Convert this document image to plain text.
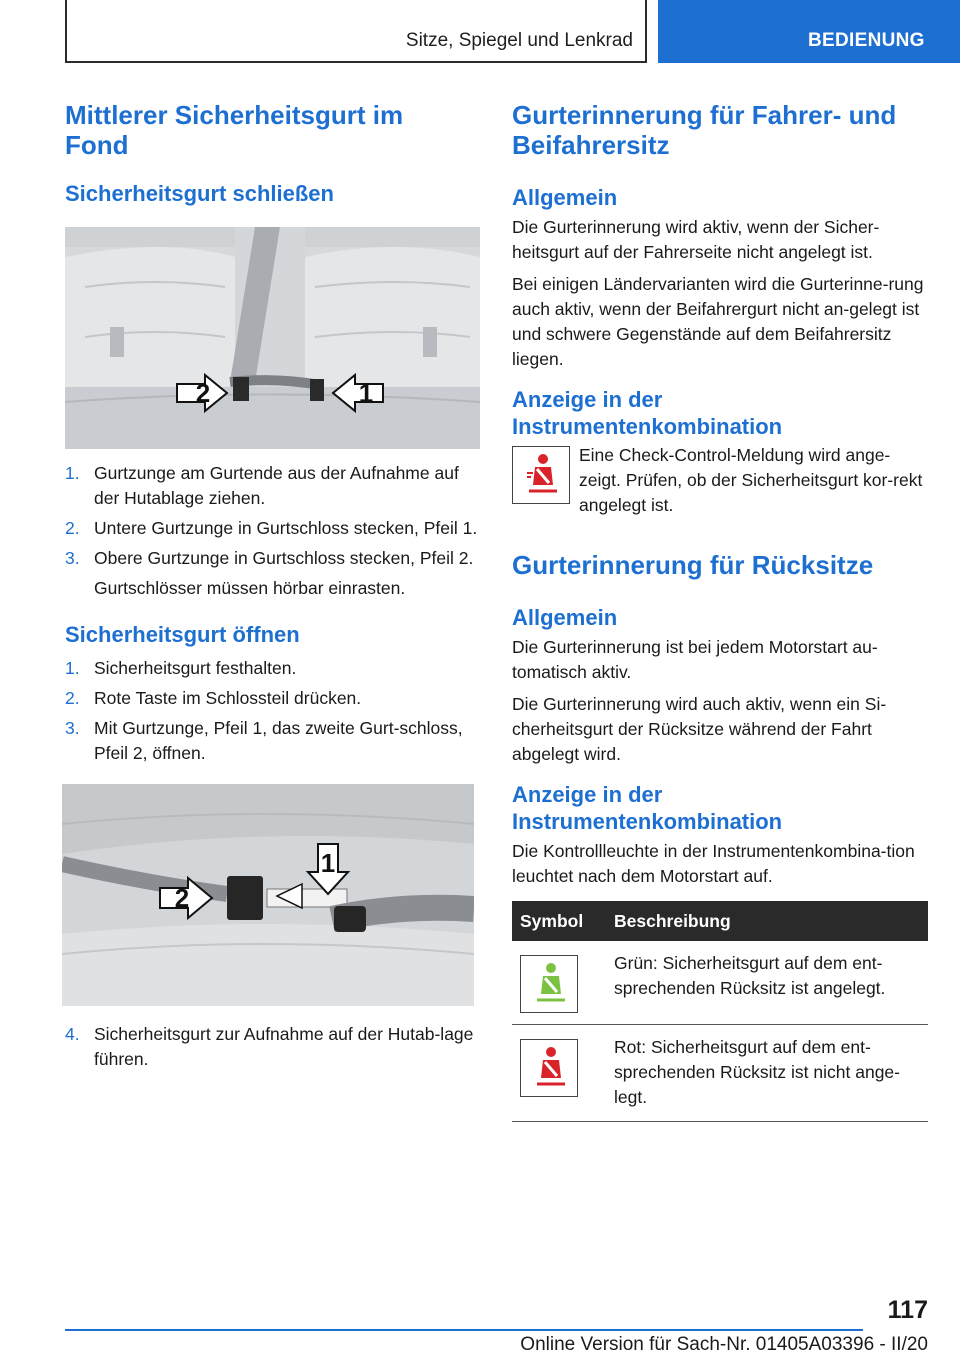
Sitze, Spiegel und Lenkrad	BEDIENUNG
Mittlerer Sicherheitsgurt im Fond
Sicherheitsgurt schließen
2	1
1. Gurtzunge am Gurtende aus der Aufnahme auf der Hutablage ziehen.
2. Untere Gurtzunge in Gurtschloss stecken, Pfeil 1.
3. Obere Gurtzunge in Gurtschloss stecken, Pfeil 2.
Gurtschlösser müssen hörbar einrasten.
Sicherheitsgurt öffnen
1. Sicherheitsgurt festhalten.
2. Rote Taste im Schlossteil drücken.
3. Mit Gurtzunge, Pfeil 1, das zweite Gurt-schloss, Pfeil 2, öffnen.
1
2
4. Sicherheitsgurt zur Aufnahme auf der Hutab-lage führen.
Gurterinnerung für Fahrer- und Beifahrersitz
Allgemein

Die Gurterinnerung wird aktiv, wenn der Sicher-heitsgurt auf der Fahrerseite nicht angelegt ist.

Bei einigen Ländervarianten wird die Gurterinne-rung auch aktiv, wenn der Beifahrergurt nicht an-gelegt ist und schwere Gegenstände auf dem Beifahrersitz liegen.

Anzeige in der Instrumentenkombination

Eine Check-Control-Meldung wird ange-zeigt. Prüfen, ob der Sicherheitsgurt kor-rekt angelegt ist.

Gurterinnerung für Rücksitze
Allgemein

Die Gurterinnerung ist bei jedem Motorstart au-tomatisch aktiv.

Die Gurterinnerung wird auch aktiv, wenn ein Si-cherheitsgurt der Rücksitze während der Fahrt abgelegt wird.

Anzeige in der Instrumentenkombination

Die Kontrollleuchte in der Instrumentenkombina-tion leuchtet nach dem Motorstart auf.

Symbol	Beschreibung

	Grün: Sicherheitsgurt auf dem ent-sprechenden Rücksitz ist angelegt.

	Rot: Sicherheitsgurt auf dem ent-sprechenden Rücksitz ist nicht ange-legt.
117
Online Version für Sach-Nr. 01405A03396 - II/20
